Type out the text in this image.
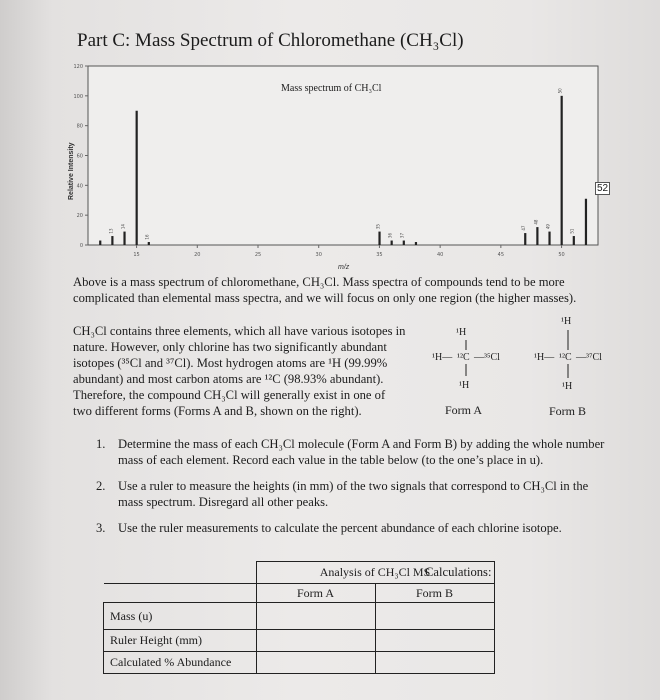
Part C: Mass Spectrum of Chloromethane (CH₃Cl)
0
20
40
60
80
100
120
15	20	25	30	35	40	45	50
13
14
16
35
36 37
47
48
49
50
51
Mass spectrum of CH₃Cl
52
Relative Intensity
m/z
Above is a mass spectrum of chloromethane, CH₃Cl. Mass spectra of compounds tend to be more complicated than elemental mass spectra, and we will focus on only one region (the higher masses).
CH₃Cl contains three elements, which all have various isotopes in
nature. However, only chlorine has two significantly abundant
isotopes (³⁵Cl and ³⁷Cl). Most hydrogen atoms are ¹H (99.99%
abundant) and most carbon atoms are ¹²C (98.93% abundant).
Therefore, the compound CH₃Cl will generally exist in one of
two different forms (Forms A and B, shown on the right).
¹H
¹H— ¹²C —³⁵Cl
¹H
Form A
¹H
¹H— ¹²C —³⁷Cl
¹H
Form B
1. Determine the mass of each CH₃Cl molecule (Form A and Form B) by adding the whole number mass of each element. Record each value in the table below (to the one’s place in u).
2. Use a ruler to measure the heights (in mm) of the two signals that correspond to CH₃Cl in the mass spectrum. Disregard all other peaks.
3. Use the ruler measurements to calculate the percent abundance of each chlorine isotope.
	Analysis of CH₃Cl MS	
	Form A	Form B
Mass (u)		
Ruler Height (mm)		
Calculated % Abundance		
Calculations:
